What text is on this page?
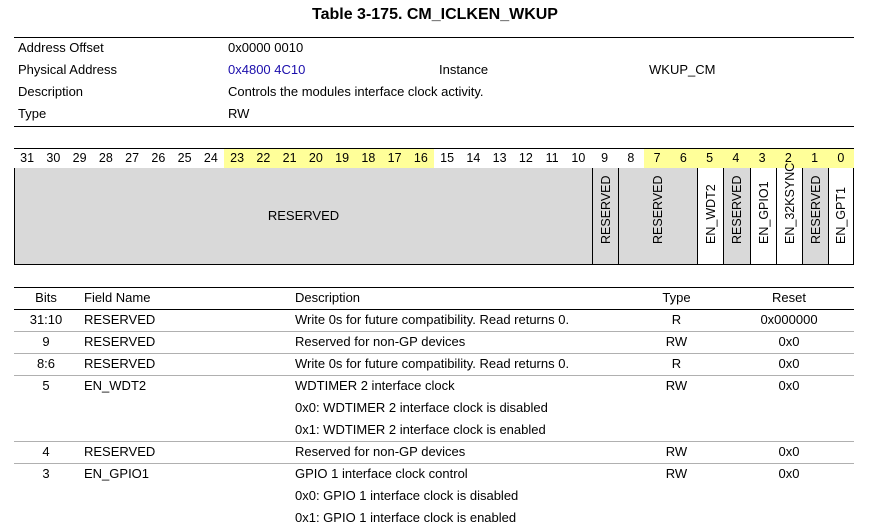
Table 3-175. CM_ICLKEN_WKUP
Address Offset	0x0000 0010
Physical Address	0x4800 4C10	Instance	WKUP_CM
Description	Controls the modules interface clock activity.
Type	RW
31 30 29 28 27 26 25 24 23 22 21 20 19 18 17 16 15 14 13 12	11	10	9	8	7	6	5	4	3	2	1	0
RESERVED	RESERVED	RESERVED	EN_WDT2 RESERVED EN_GPIO1 EN_32KSYNC RESERVED EN_GPT1
Bits	Field Name	Description	Type	Reset
31:10	RESERVED	Write 0s for future compatibility. Read returns 0.	R	0x000000
9	RESERVED	Reserved for non-GP devices	RW	0x0
8:6	RESERVED	Write 0s for future compatibility. Read returns 0.	R	0x0
5	EN_WDT2	WDTIMER 2 interface clock	RW	0x0
0x0: WDTIMER 2 interface clock is disabled
0x1: WDTIMER 2 interface clock is enabled
4	RESERVED	Reserved for non-GP devices	RW	0x0
3	EN_GPIO1	GPIO 1 interface clock control	RW	0x0
0x0: GPIO 1 interface clock is disabled
0x1: GPIO 1 interface clock is enabled
